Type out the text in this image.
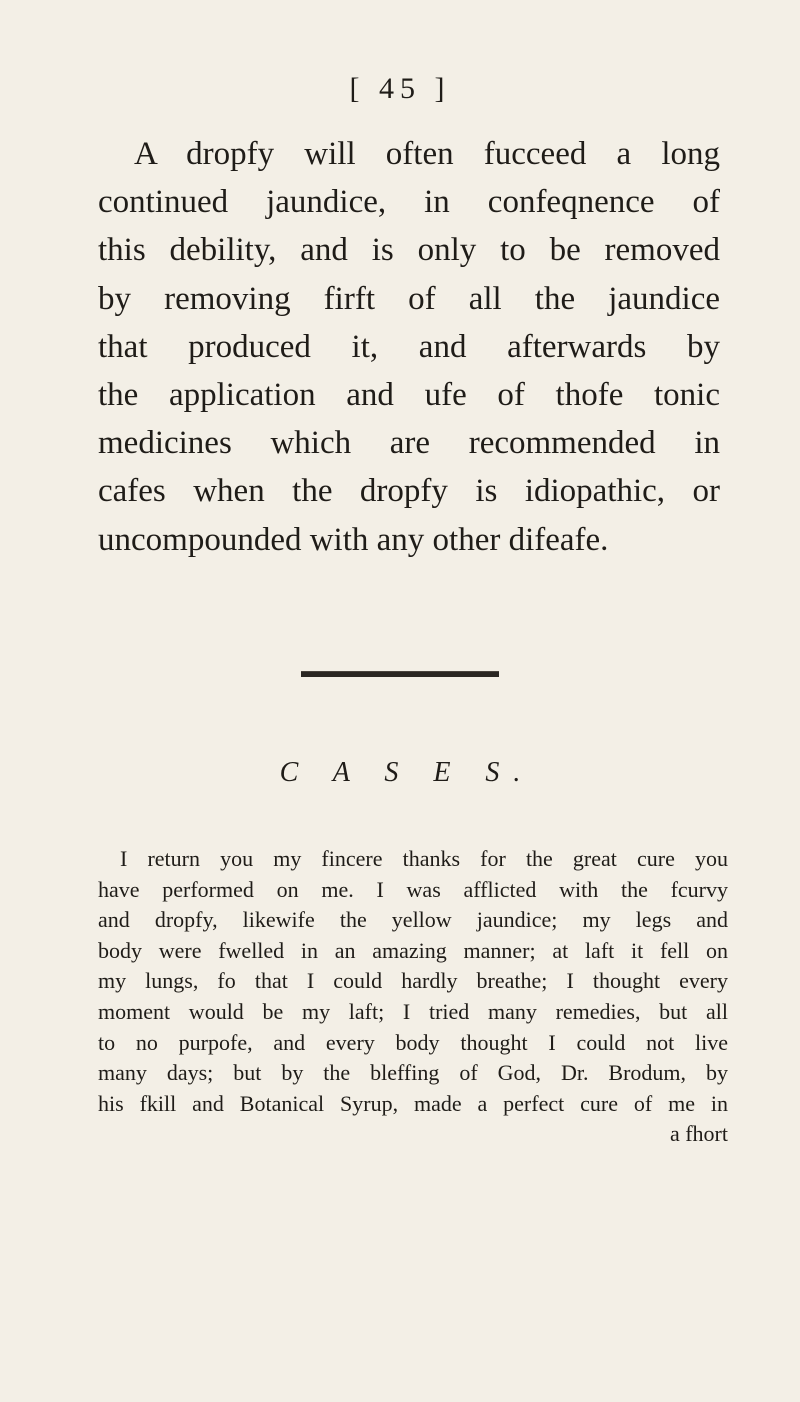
[ 45 ]
A dropfy will often fucceed a long
continued jaundice, in confeqnence of
this debility, and is only to be removed
by removing firft of all the jaundice
that produced it, and afterwards by
the application and ufe of thofe tonic
medicines which are recommended in
cafes when the dropfy is idiopathic, or
uncompounded with any other difeafe.
C A S E S.
I return you my fincere thanks for the great cure you
have performed on me. I was afflicted with the fcurvy
and dropfy, likewife the yellow jaundice; my legs and
body were fwelled in an amazing manner; at laft it fell on
my lungs, fo that I could hardly breathe; I thought every
moment would be my laft; I tried many remedies, but all
to no purpofe, and every body thought I could not live
many days; but by the bleffing of God, Dr. Brodum, by
his fkill and Botanical Syrup, made a perfect cure of me in
a fhort
